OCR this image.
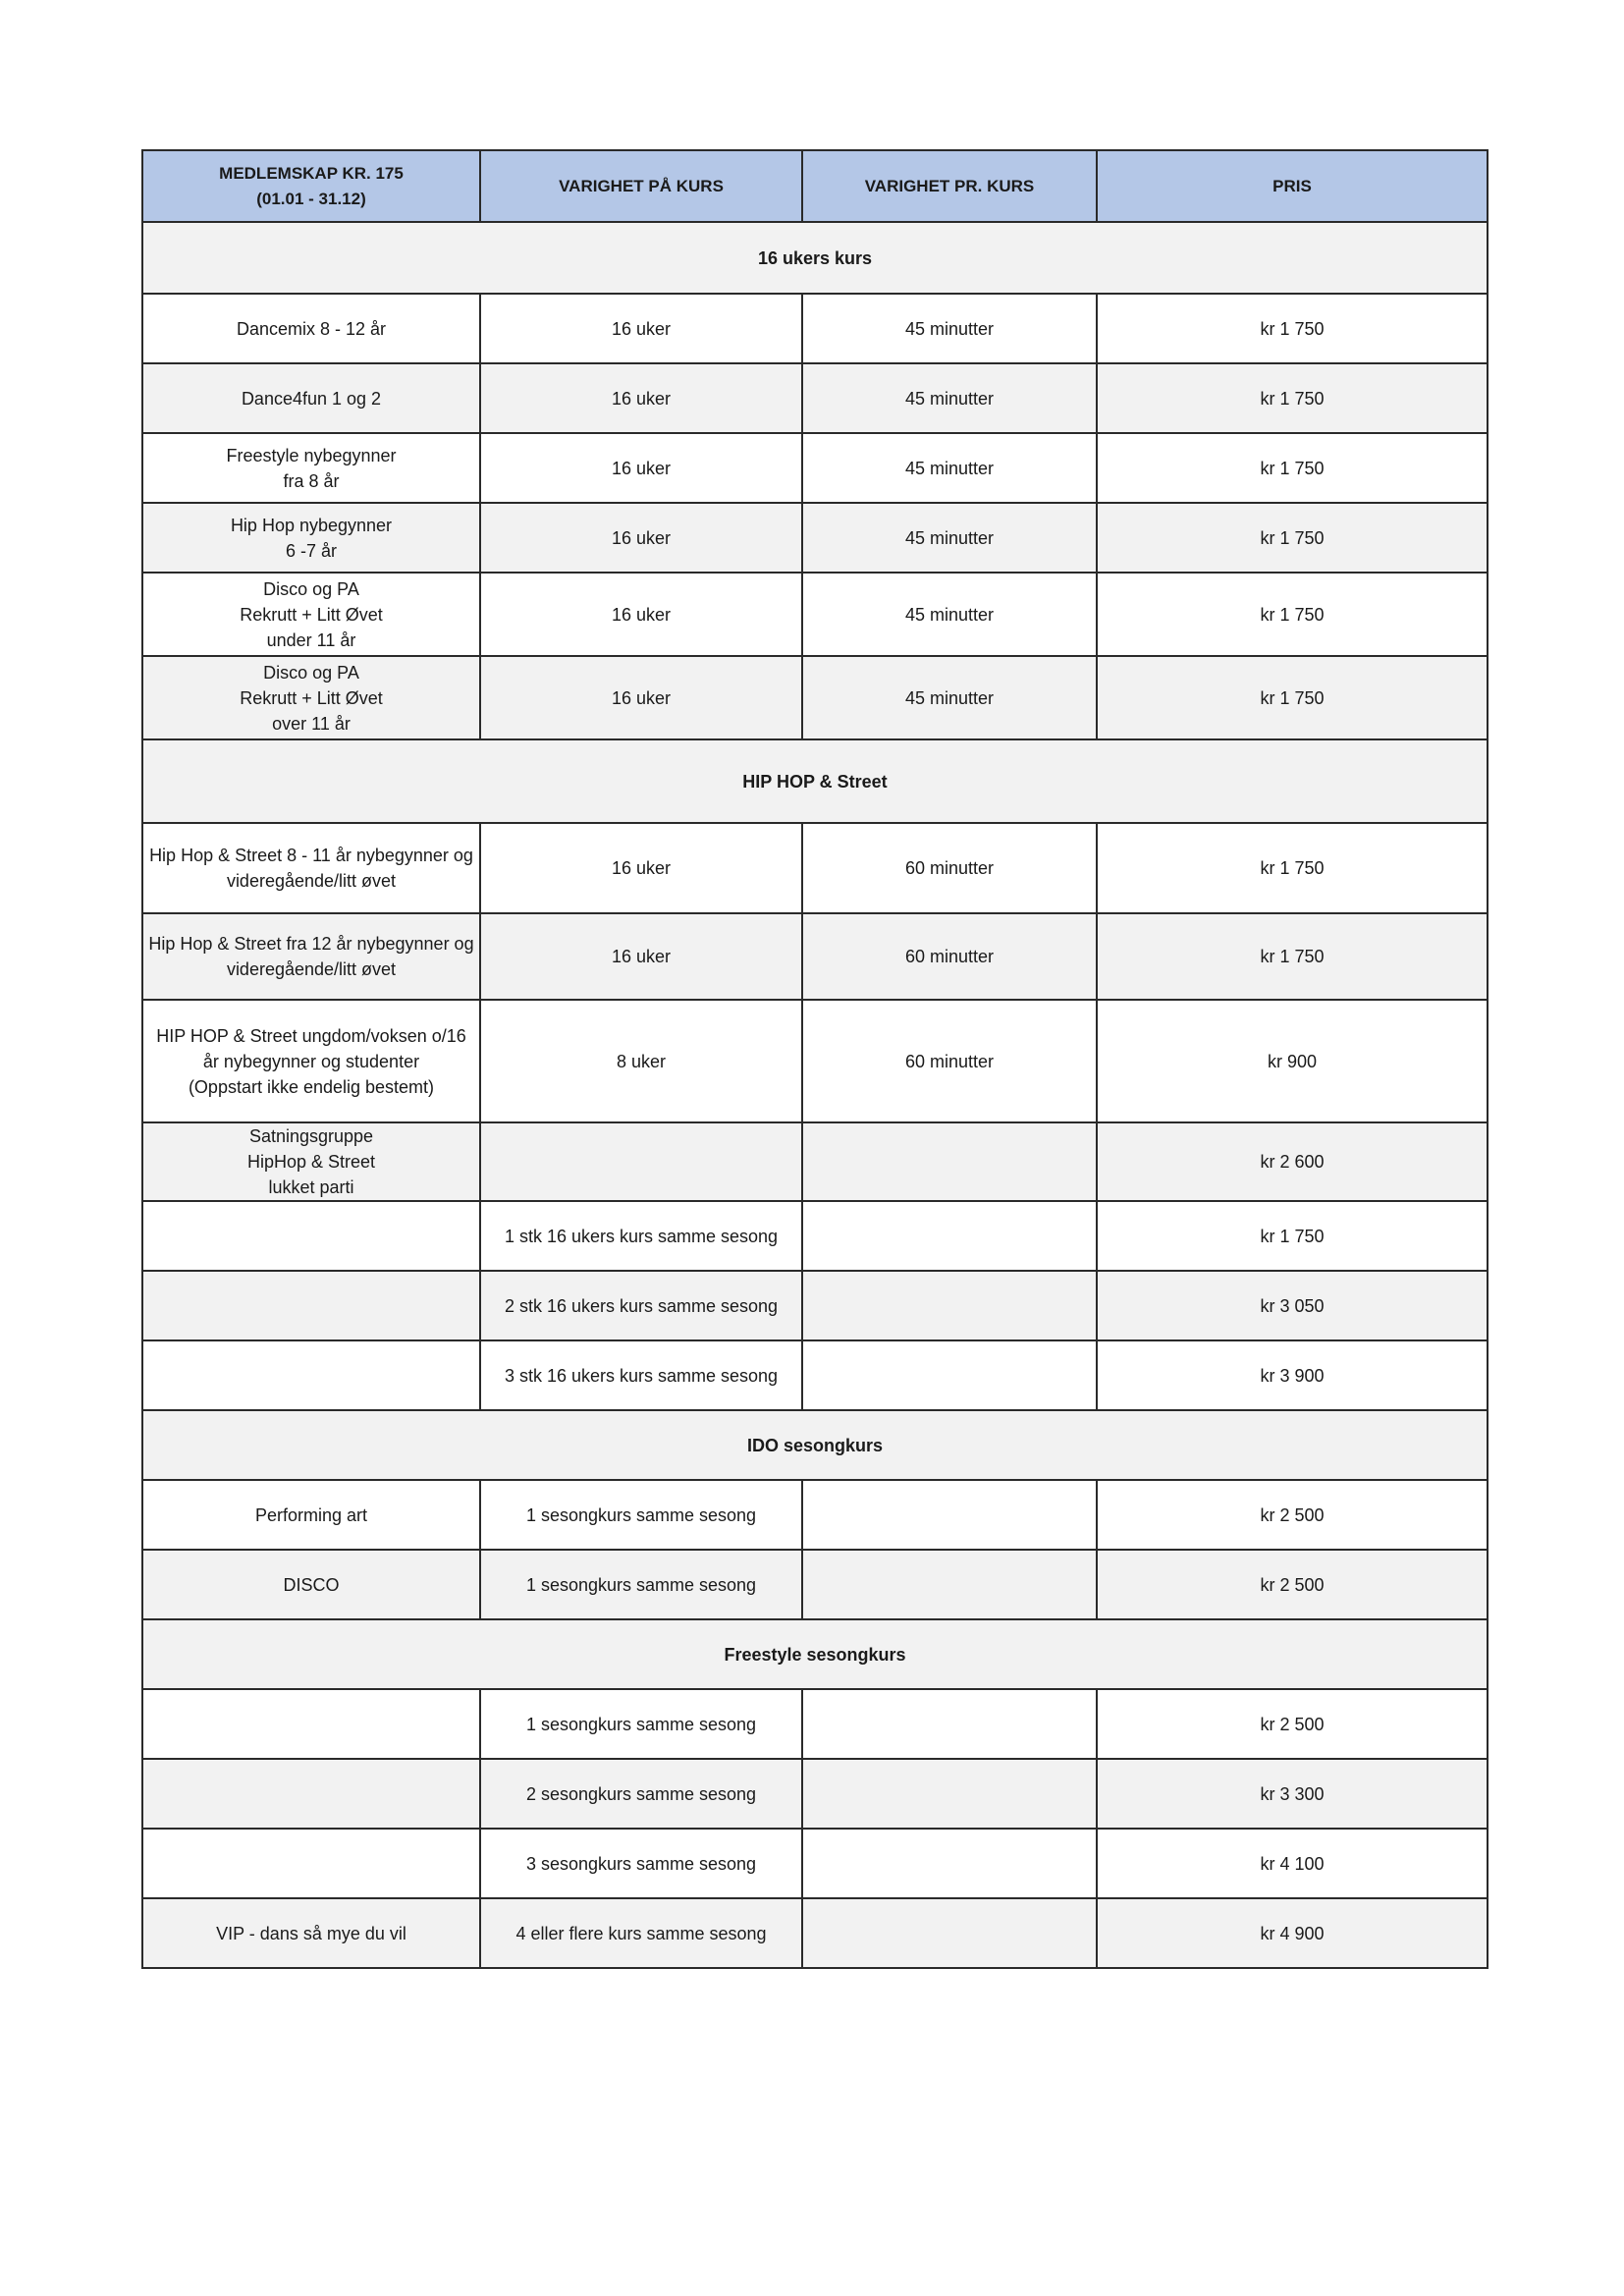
MEDLEMSKAP KR. 175
(01.01 - 31.12)	VARIGHET PÅ KURS	VARIGHET PR. KURS	PRIS
16 ukers kurs			
Dancemix 8 - 12 år	16 uker	45 minutter	kr 1 750
Dance4fun 1 og 2	16 uker	45 minutter	kr 1 750
Freestyle nybegynner
fra 8 år	16 uker	45 minutter	kr 1 750
Hip Hop nybegynner
6 -7 år	16 uker	45 minutter	kr 1 750
Disco og PA
Rekrutt + Litt Øvet
under 11 år	16 uker	45 minutter	kr 1 750
Disco og PA
Rekrutt + Litt Øvet
over 11 år	16 uker	45 minutter	kr 1 750
HIP HOP & Street			
Hip Hop & Street 8 - 11 år nybegynner og
videregående/litt øvet	16 uker	60 minutter	kr 1 750
Hip Hop & Street fra 12 år nybegynner og
videregående/litt øvet	16 uker	60 minutter	kr 1 750
HIP HOP & Street ungdom/voksen o/16
år nybegynner og studenter
(Oppstart ikke endelig bestemt)	8 uker	60 minutter	kr 900
Satningsgruppe
HipHop & Street
lukket parti			kr 2 600
	1 stk 16 ukers kurs samme sesong		kr 1 750
	2 stk 16 ukers kurs samme sesong		kr 3 050
	3 stk 16 ukers kurs samme sesong		kr 3 900
IDO sesongkurs			
Performing art	1 sesongkurs samme sesong		kr 2 500
DISCO	1 sesongkurs samme sesong		kr 2 500
Freestyle sesongkurs			
	1 sesongkurs samme sesong		kr 2 500
	2 sesongkurs samme sesong		kr 3 300
	3 sesongkurs samme sesong		kr 4 100
VIP - dans så mye du vil	4 eller flere kurs samme sesong		kr 4 900
